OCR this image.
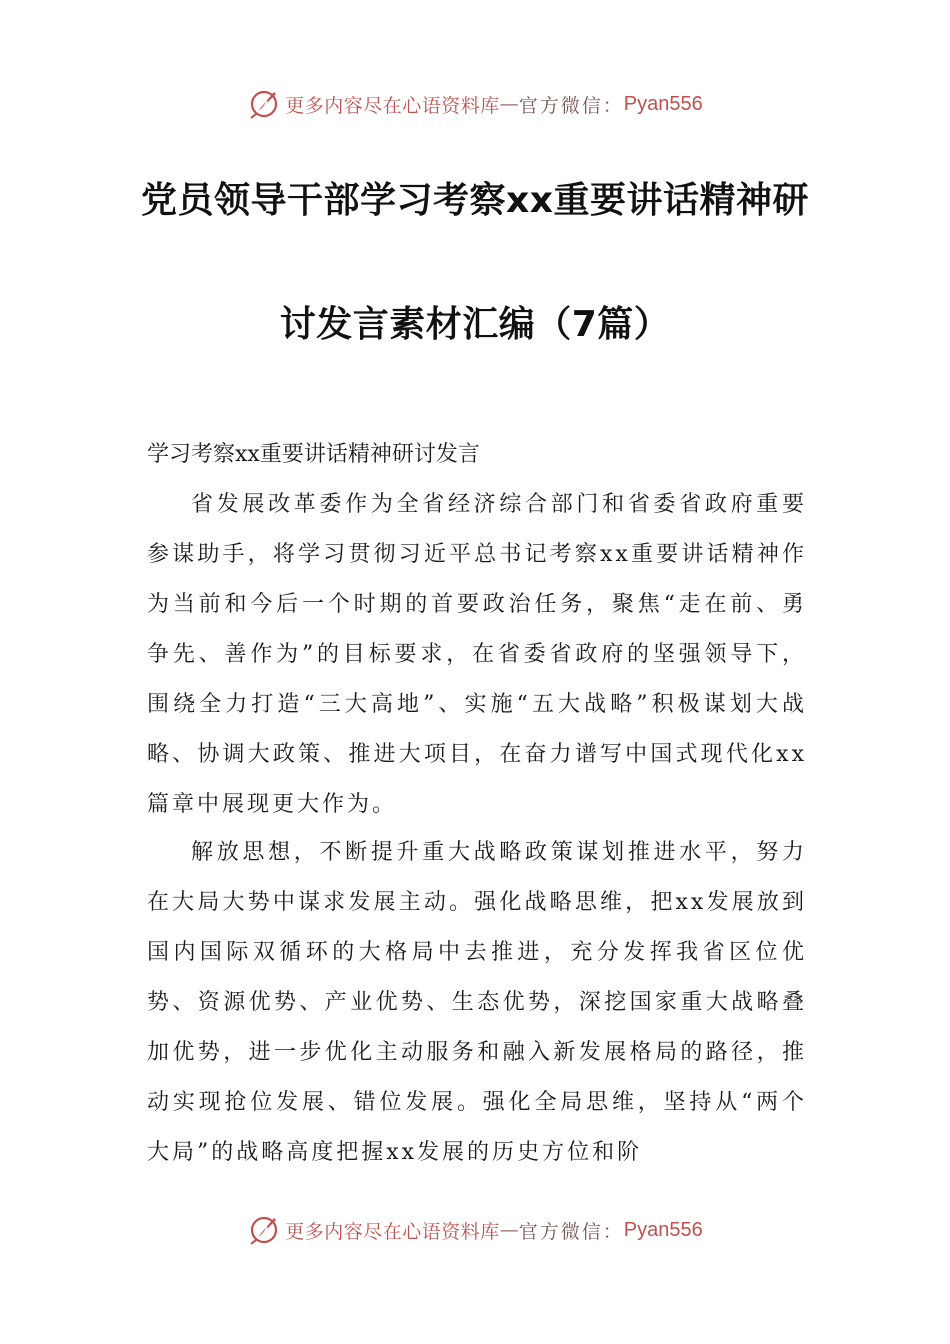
更多内容尽在心语资料库 — 官方微信： Pyan556
党员领导干部学习考察xx重要讲话精神研
讨发言素材汇编（7篇）
学习考察xx重要讲话精神研讨发言

省发展改革委作为全省经济综合部门和省委省政府重要参谋助手，将学习贯彻习近平总书记考察xx重要讲话精神作为当前和今后一个时期的首要政治任务，聚焦“走在前、勇争先、善作为”的目标要求，在省委省政府的坚强领导下，围绕全力打造“三大高地”、实施“五大战略”积极谋划大战略、协调大政策、推进大项目，在奋力谱写中国式现代化xx篇章中展现更大作为。

解放思想，不断提升重大战略政策谋划推进水平，努力在大局大势中谋求发展主动。强化战略思维，把xx发展放到国内国际双循环的大格局中去推进，充分发挥我省区位优势、资源优势、产业优势、生态优势，深挖国家重大战略叠加优势，进一步优化主动服务和融入新发展格局的路径，推动实现抢位发展、错位发展。强化全局思维，坚持从“两个大局”的战略高度把握xx发展的历史方位和阶

更多内容尽在心语资料库 — 官方微信： Pyan556
